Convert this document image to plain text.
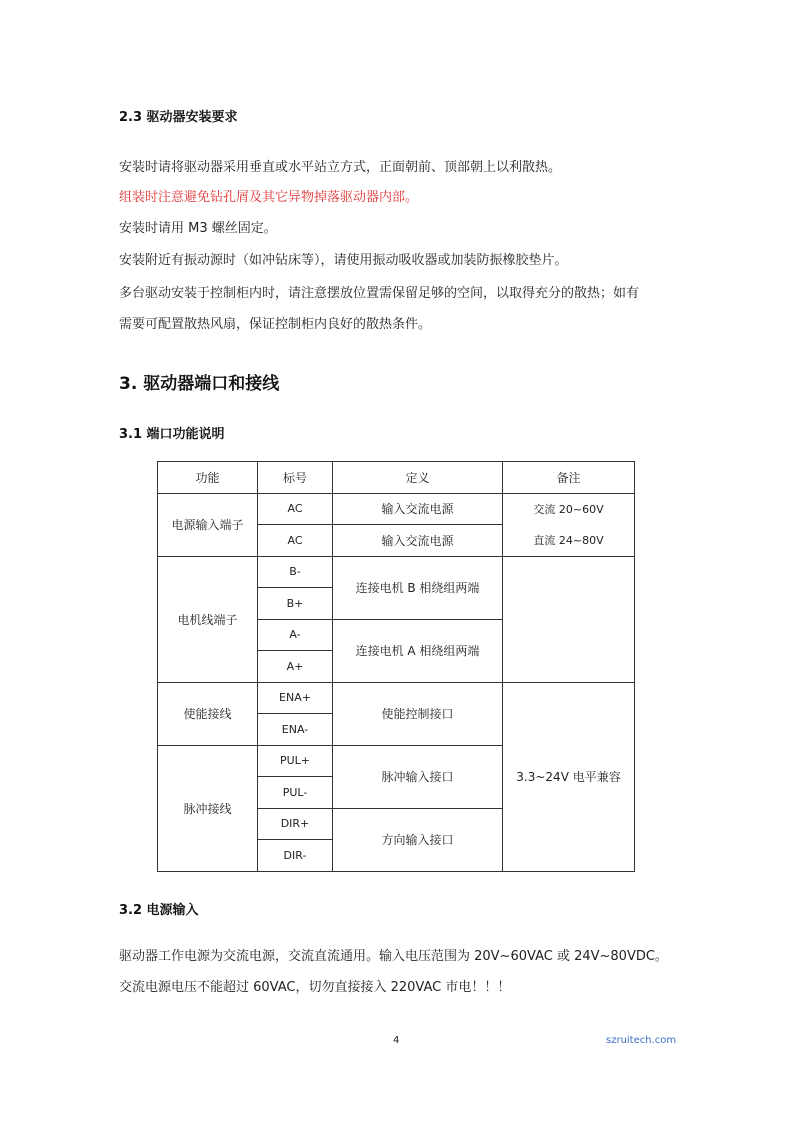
2.3 驱动器安装要求
安装时请将驱动器采用垂直或水平站立方式，正面朝前、顶部朝上以利散热。
组装时注意避免钻孔屑及其它异物掉落驱动器内部。
安装时请用 M3 螺丝固定。
安装附近有振动源时（如冲钻床等），请使用振动吸收器或加装防振橡胶垫片。
多台驱动安装于控制柜内时，请注意摆放位置需保留足够的空间，以取得充分的散热；如有
需要可配置散热风扇，保证控制柜内良好的散热条件。
3. 驱动器端口和接线
3.1 端口功能说明
功能	标号	定义	备注
电源输入端子	AC	输入交流电源	交流 20~60V
	AC	输入交流电源	直流 24~80V
电机线端子	B-	连接电机 B 相绕组两端	
	B+		
	A-	连接电机 A 相绕组两端	
	A+		
使能接线	ENA+	使能控制接口	3.3~24V 电平兼容
	ENA-		
脉冲接线	PUL+	脉冲输入接口	
	PUL-		
	DIR+	方向输入接口	
	DIR-		
3.2 电源输入
驱动器工作电源为交流电源，交流直流通用。输入电压范围为 20V~60VAC 或 24V~80VDC。
交流电源电压不能超过 60VAC，切勿直接接入 220VAC 市电！！！
4	szruitech.com
